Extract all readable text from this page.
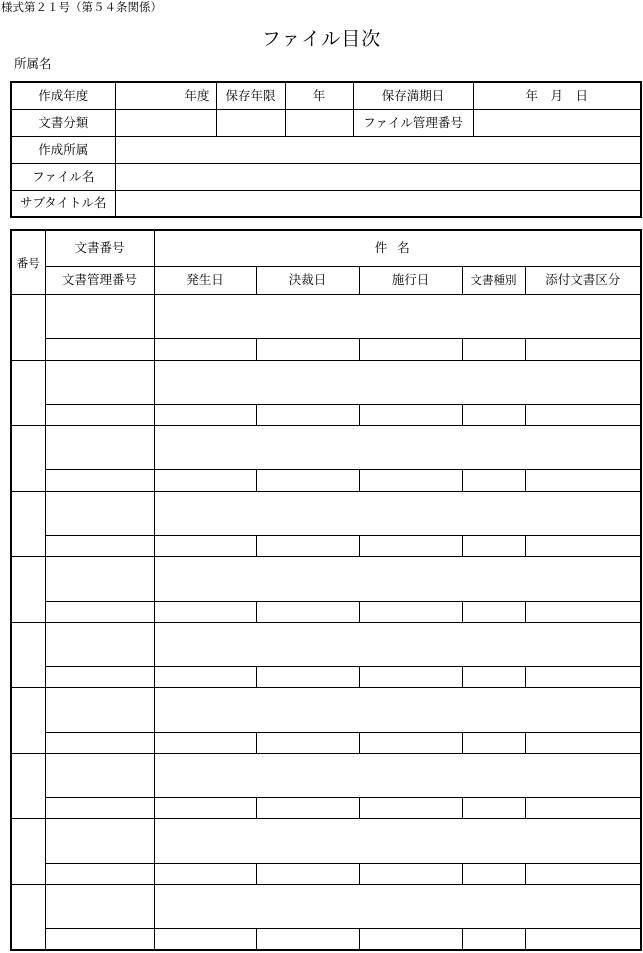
様式第２１号（第５４条関係）
ファイル目次
所属名
作成年度	年度	保存年限	年	保存満期日	年　月　日
文書分類				ファイル管理番号	
作成所属					
ファイル名					
サブタイトル名					
番号	文書番号	件名				
	文書管理番号	発生日	決裁日	施行日	文書種別	添付文書区分
